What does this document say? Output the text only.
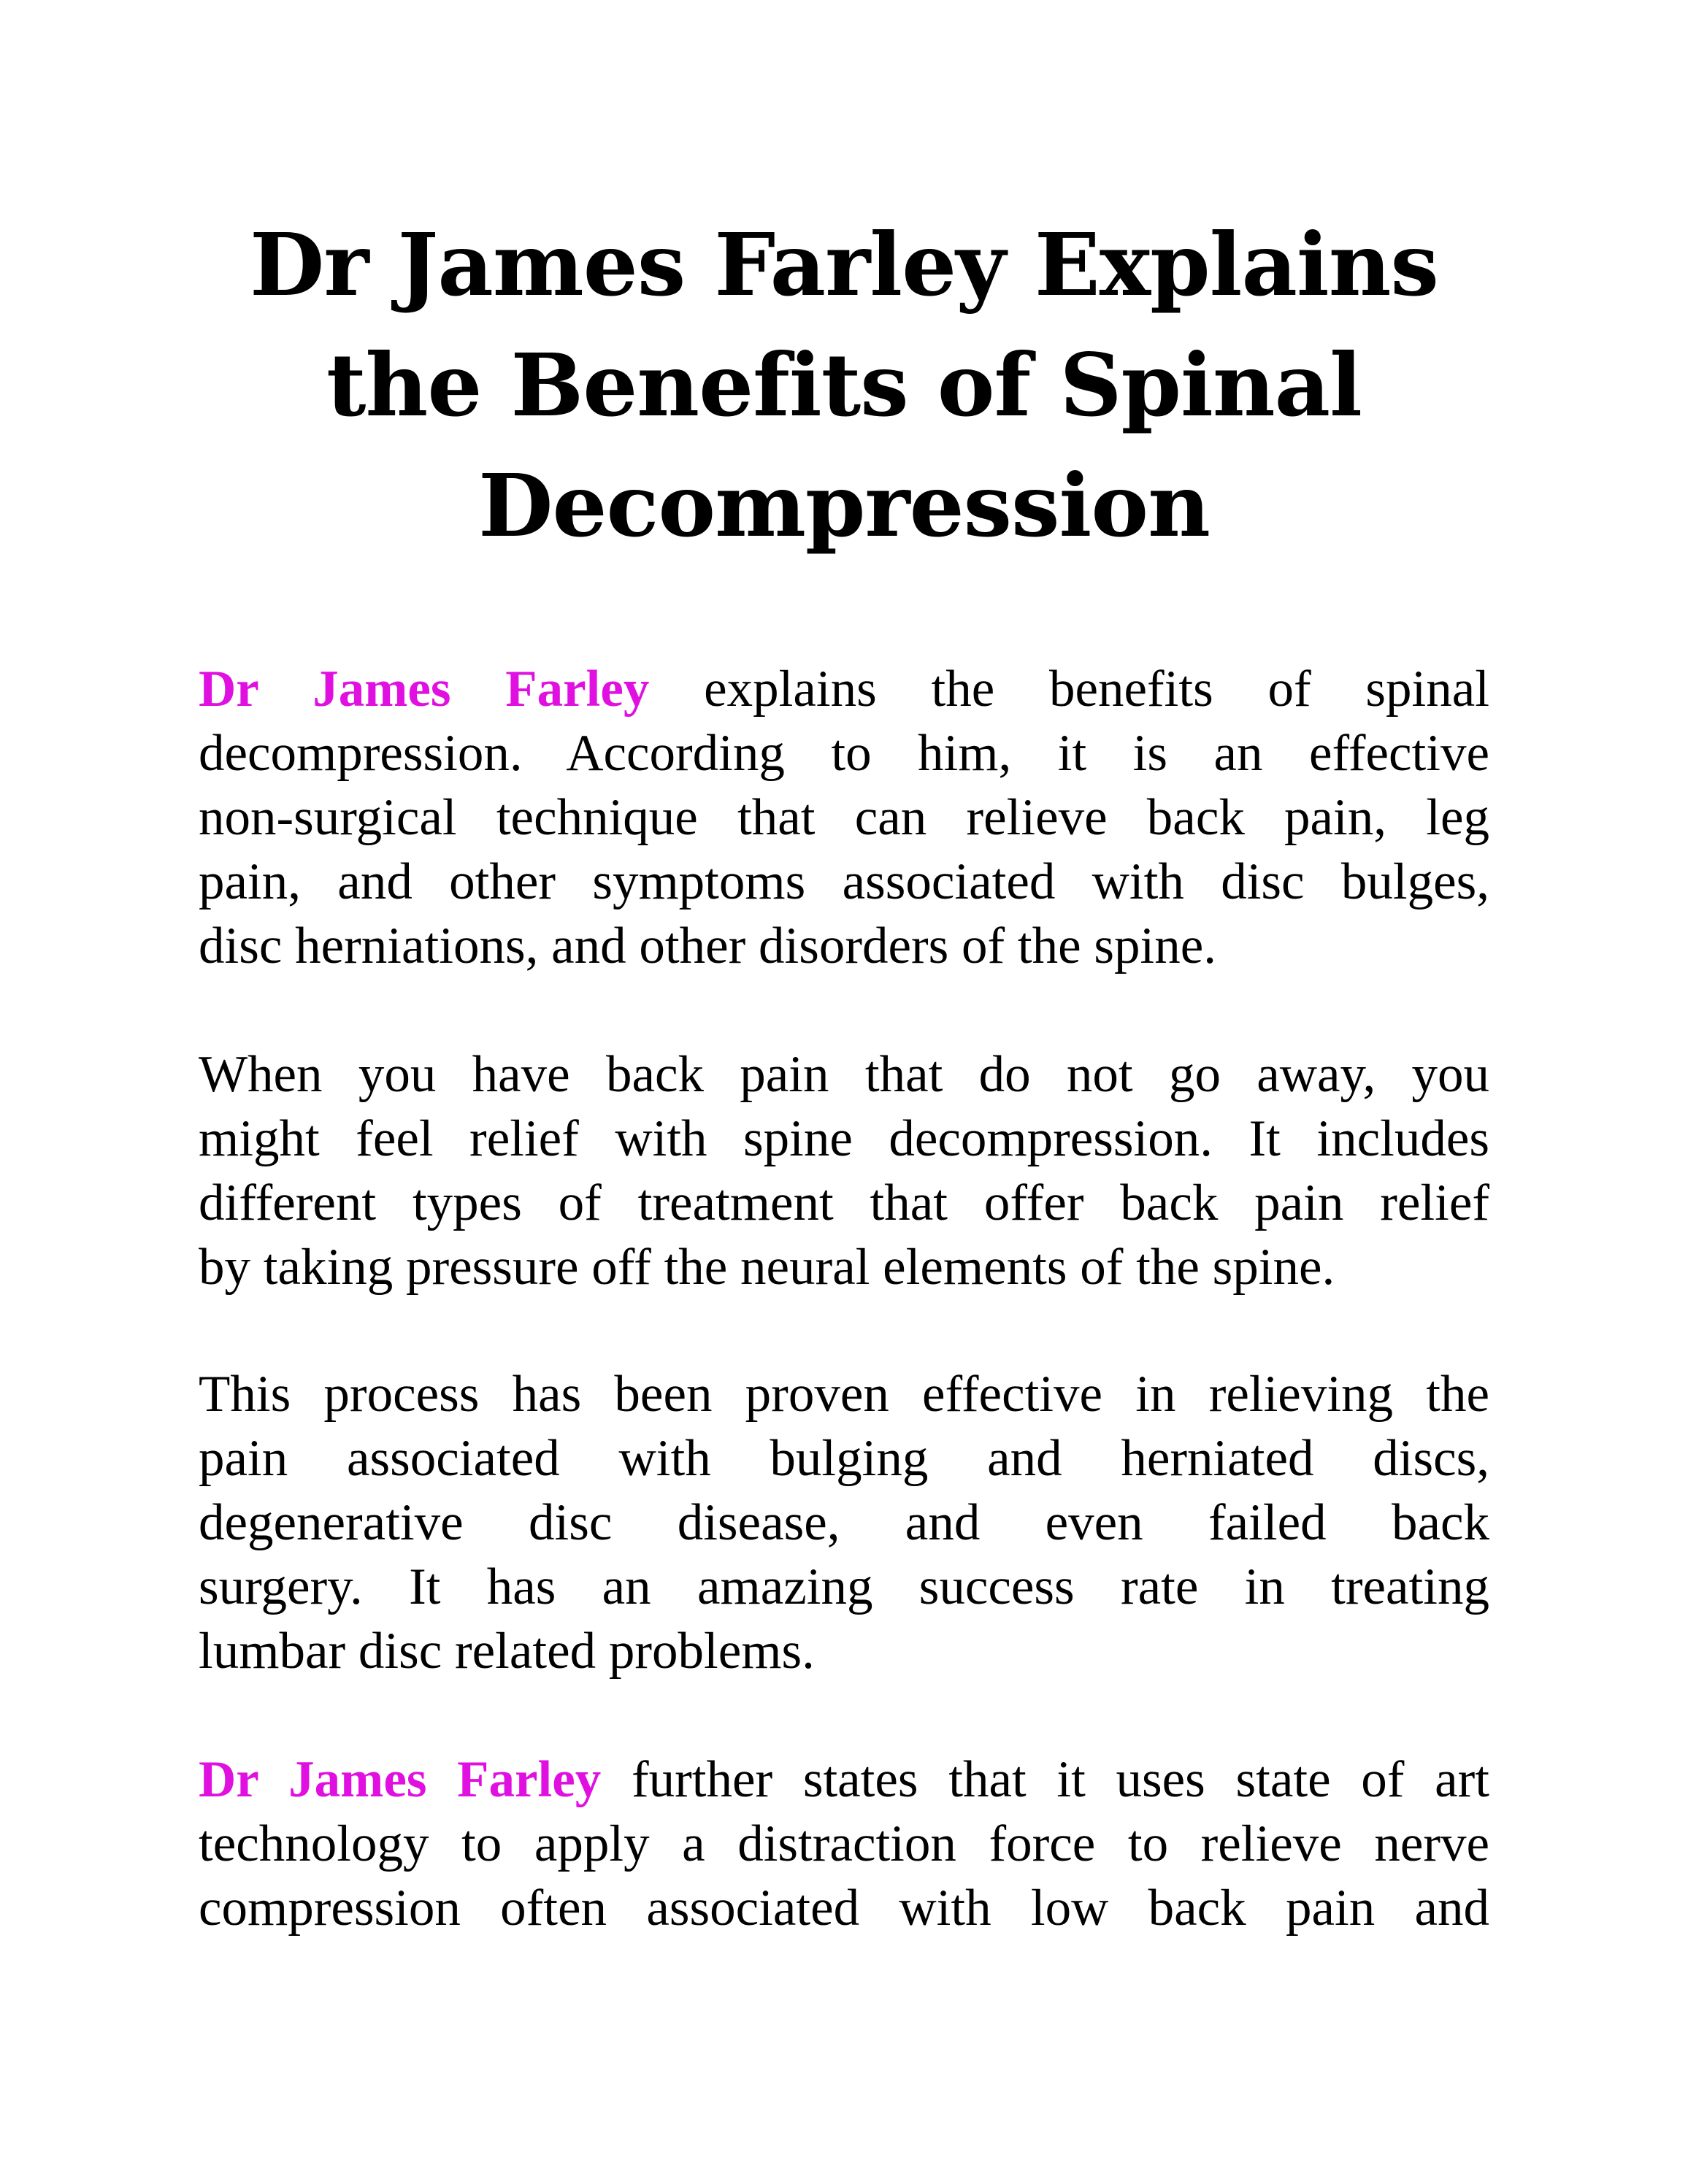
Dr James Farley Explains
the Benefits of Spinal
Decompression

Dr James Farley explains the benefits of spinal
decompression. According to him, it is an effective
non-surgical technique that can relieve back pain, leg
pain, and other symptoms associated with disc bulges,
disc herniations, and other disorders of the spine.

When you have back pain that do not go away, you
might feel relief with spine decompression. It includes
different types of treatment that offer back pain relief
by taking pressure off the neural elements of the spine.

This process has been proven effective in relieving the
pain associated with bulging and herniated discs,
degenerative disc disease, and even failed back
surgery. It has an amazing success rate in treating
lumbar disc related problems.

Dr James Farley further states that it uses state of art
technology to apply a distraction force to relieve nerve
compression often associated with low back pain and
